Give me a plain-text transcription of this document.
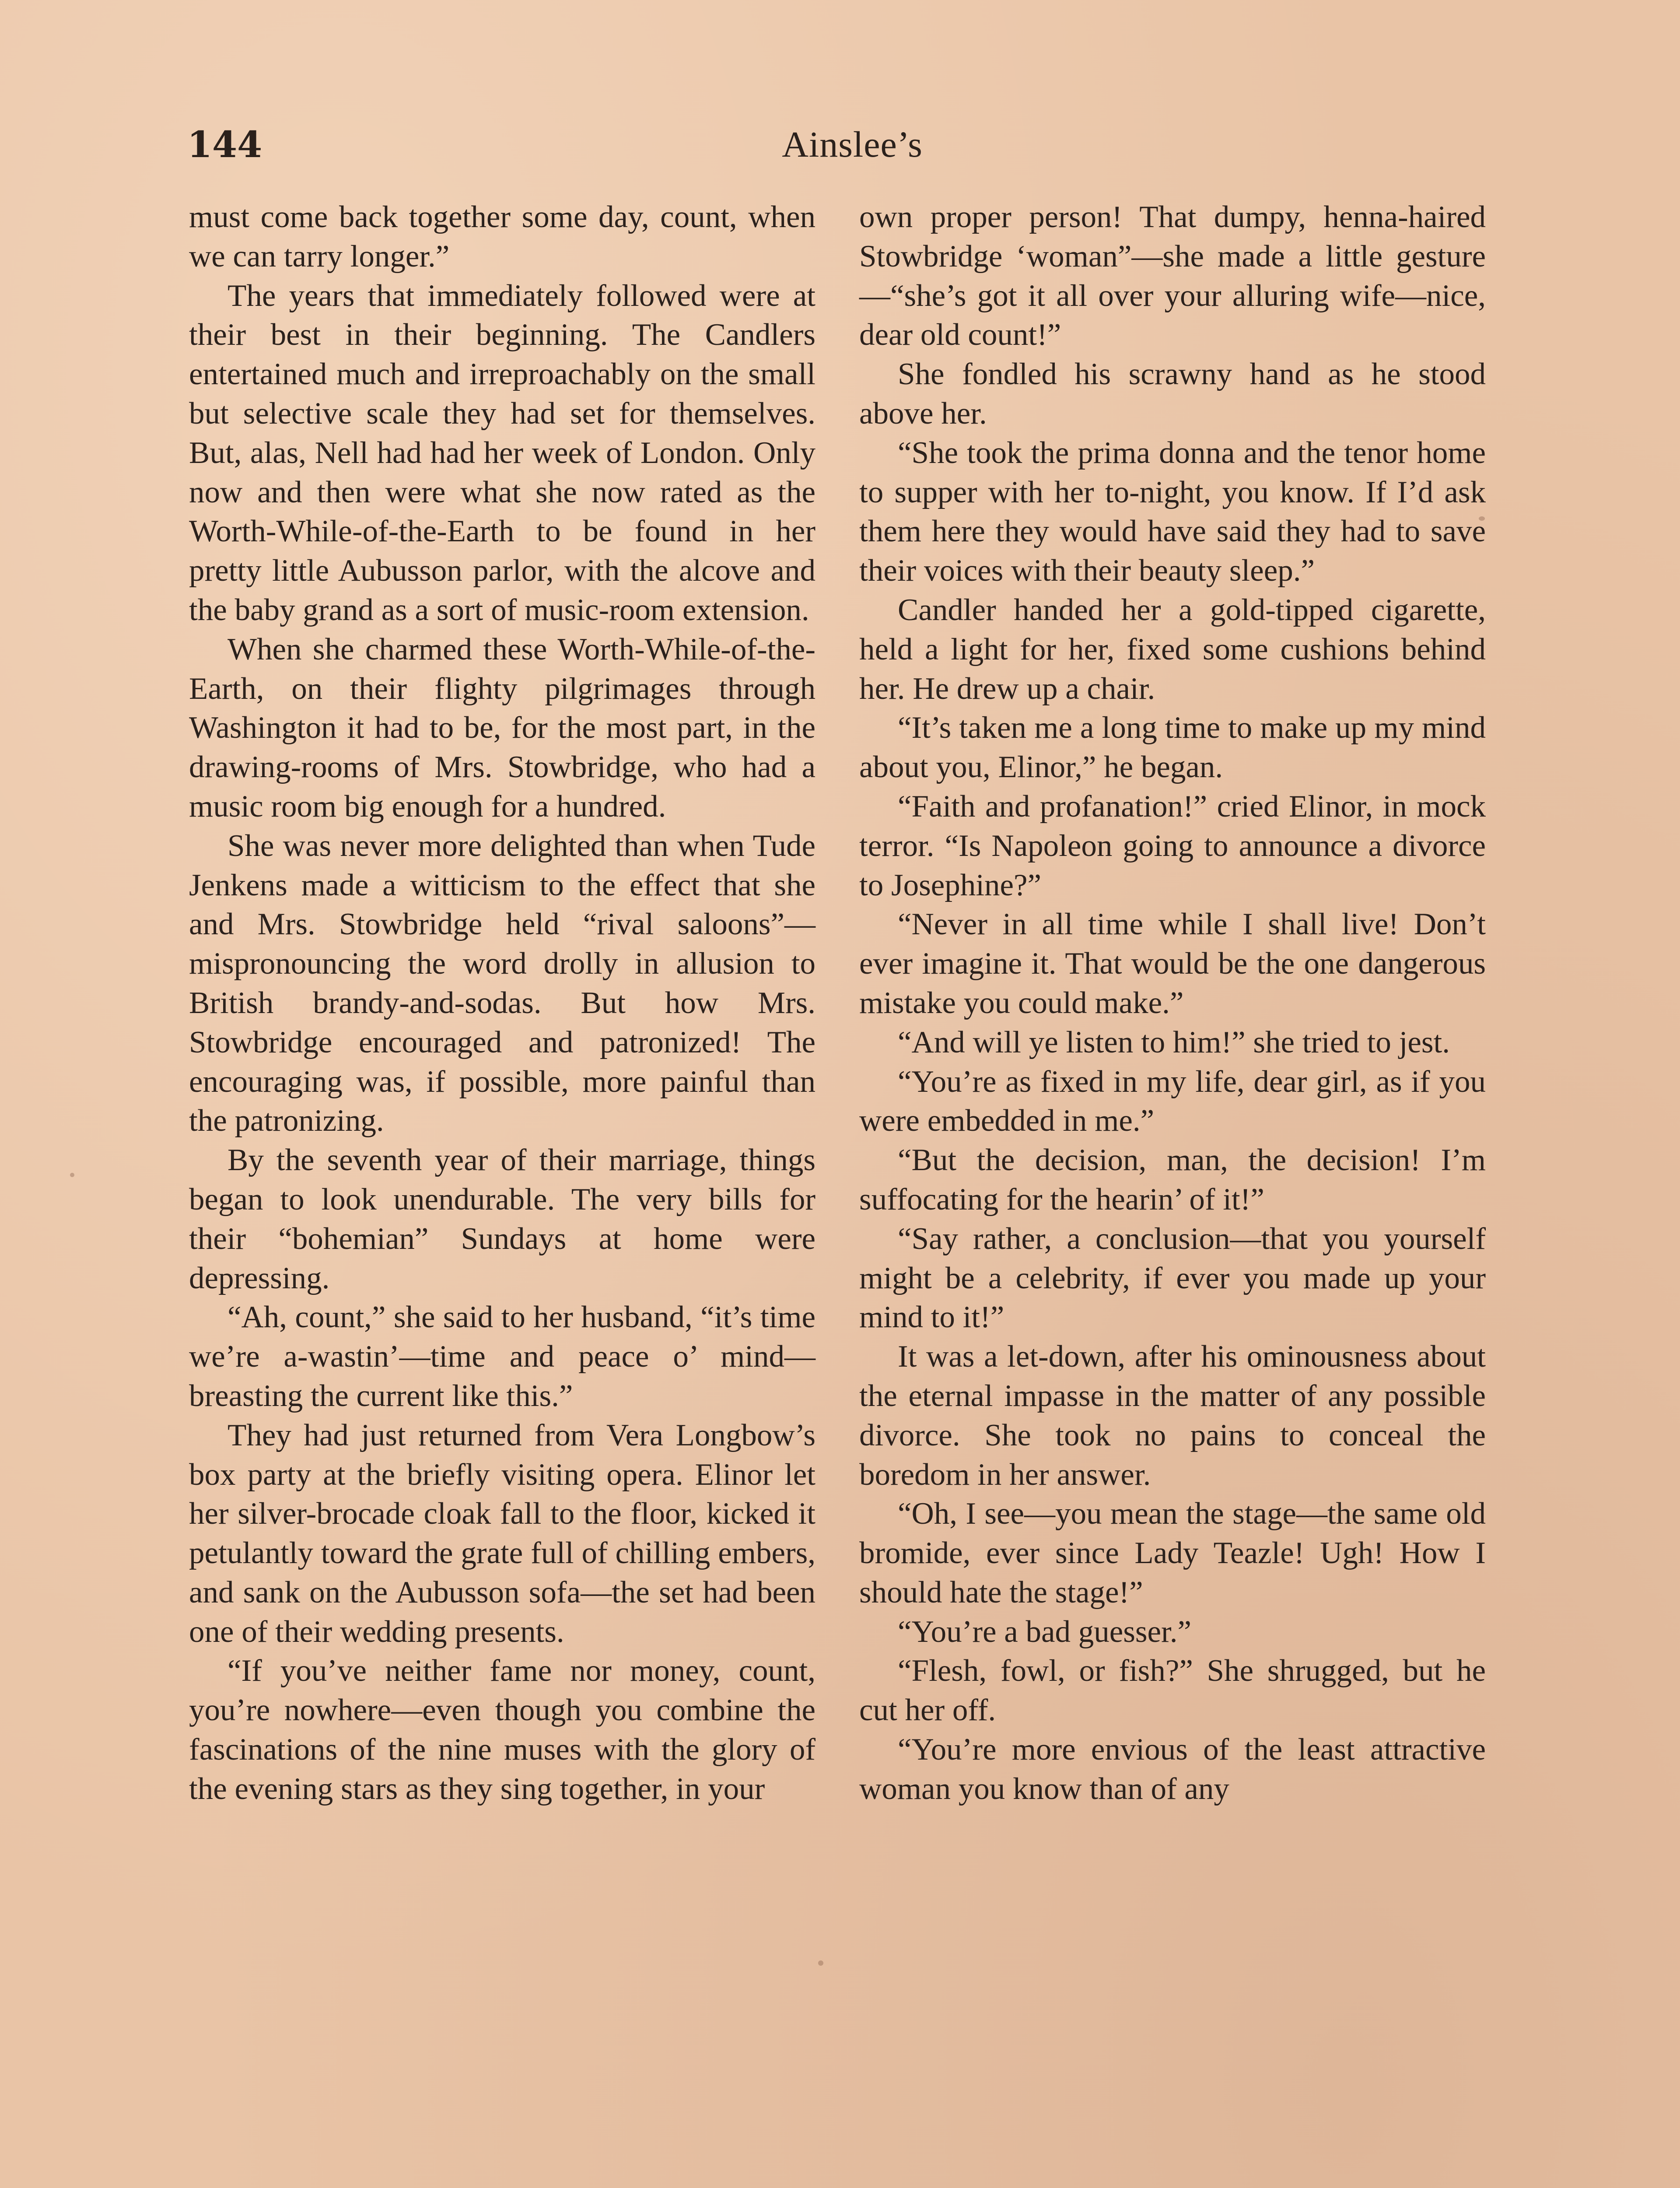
144	Ainslee’s

must come back together some day, count, when we can tarry longer.”

The years that immediately followed were at their best in their beginning. The Candlers entertained much and irreproachably on the small but selective scale they had set for themselves. But, alas, Nell had had her week of London. Only now and then were what she now rated as the Worth-While-of-the-Earth to be found in her pretty little Aubusson parlor, with the alcove and the baby grand as a sort of music-room extension.

When she charmed these Worth-While-of-the-Earth, on their flighty pilgrimages through Washington it had to be, for the most part, in the drawing-rooms of Mrs. Stowbridge, who had a music room big enough for a hundred.

She was never more delighted than when Tude Jenkens made a witticism to the effect that she and Mrs. Stowbridge held “rival saloons”—mispronouncing the word drolly in allusion to British brandy-and-sodas. But how Mrs. Stowbridge encouraged and patronized! The encouraging was, if possible, more painful than the patronizing.

By the seventh year of their marriage, things began to look unendurable. The very bills for their “bohemian” Sundays at home were depressing.

“Ah, count,” she said to her husband, “it’s time we’re a-wastin’—time and peace o’ mind—breasting the current like this.”

They had just returned from Vera Longbow’s box party at the briefly visiting opera. Elinor let her silver-brocade cloak fall to the floor, kicked it petulantly toward the grate full of chilling embers, and sank on the Aubusson sofa—the set had been one of their wedding presents.

“If you’ve neither fame nor money, count, you’re nowhere—even though you combine the fascinations of the nine muses with the glory of the evening stars as they sing together, in your

own proper person! That dumpy, henna-haired Stowbridge ‘woman”—she made a little gesture—“she’s got it all over your alluring wife—nice, dear old count!”

She fondled his scrawny hand as he stood above her.

“She took the prima donna and the tenor home to supper with her to-night, you know. If I’d ask them here they would have said they had to save their voices with their beauty sleep.”

Candler handed her a gold-tipped cigarette, held a light for her, fixed some cushions behind her. He drew up a chair.

“It’s taken me a long time to make up my mind about you, Elinor,” he began.

“Faith and profanation!” cried Elinor, in mock terror. “Is Napoleon going to announce a divorce to Josephine?”

“Never in all time while I shall live! Don’t ever imagine it. That would be the one dangerous mistake you could make.”

“And will ye listen to him!” she tried to jest.

“You’re as fixed in my life, dear girl, as if you were embedded in me.”

“But the decision, man, the decision! I’m suffocating for the hearin’ of it!”

“Say rather, a conclusion—that you yourself might be a celebrity, if ever you made up your mind to it!”

It was a let-down, after his ominousness about the eternal impasse in the matter of any possible divorce. She took no pains to conceal the boredom in her answer.

“Oh, I see—you mean the stage—the same old bromide, ever since Lady Teazle! Ugh! How I should hate the stage!”

“You’re a bad guesser.”

“Flesh, fowl, or fish?” She shrugged, but he cut her off.

“You’re more envious of the least attractive woman you know than of any
